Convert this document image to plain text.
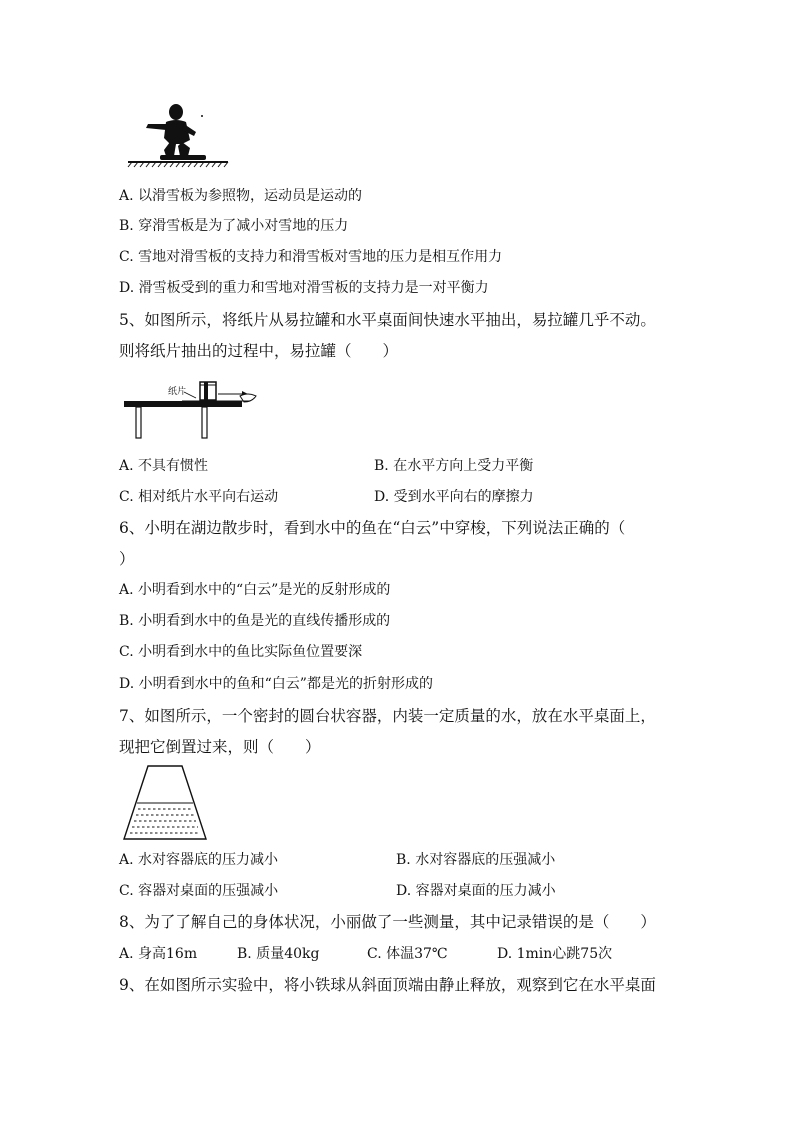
A. 以滑雪板为参照物，运动员是运动的
B. 穿滑雪板是为了减小对雪地的压力
C. 雪地对滑雪板的支持力和滑雪板对雪地的压力是相互作用力
D. 滑雪板受到的重力和雪地对滑雪板的支持力是一对平衡力
5、如图所示，将纸片从易拉罐和水平桌面间快速水平抽出，易拉罐几乎不动。
则将纸片抽出的过程中，易拉罐（　　）
纸片
A. 不具有惯性	B. 在水平方向上受力平衡
C. 相对纸片水平向右运动	D. 受到水平向右的摩擦力
6、小明在湖边散步时，看到水中的鱼在“白云”中穿梭，下列说法正确的（
）
A. 小明看到水中的“白云”是光的反射形成的
B. 小明看到水中的鱼是光的直线传播形成的
C. 小明看到水中的鱼比实际鱼位置要深
D. 小明看到水中的鱼和“白云”都是光的折射形成的
7、如图所示，一个密封的圆台状容器，内装一定质量的水，放在水平桌面上，
现把它倒置过来，则（　　）
A. 水对容器底的压力减小	B. 水对容器底的压强减小
C. 容器对桌面的压强减小	D. 容器对桌面的压力减小
8、为了了解自己的身体状况，小丽做了一些测量，其中记录错误的是（　　）
A. 身高16m	B. 质量40kg	C. 体温37℃	D. 1min心跳75次
9、在如图所示实验中，将小铁球从斜面顶端由静止释放，观察到它在水平桌面
